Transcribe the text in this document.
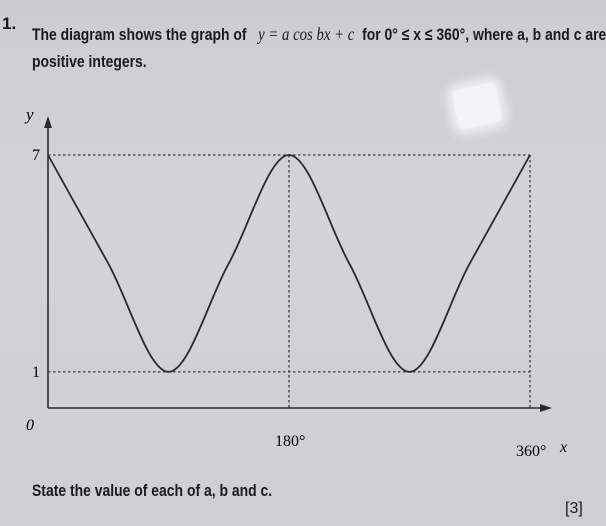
1.
The diagram shows the graph of y = a cos bx + c for 0° ≤ x ≤ 360°, where a, b and c are
positive integers.
1
7
0
180°
360°
y
x
State the value of each of a, b and c.
[3]
